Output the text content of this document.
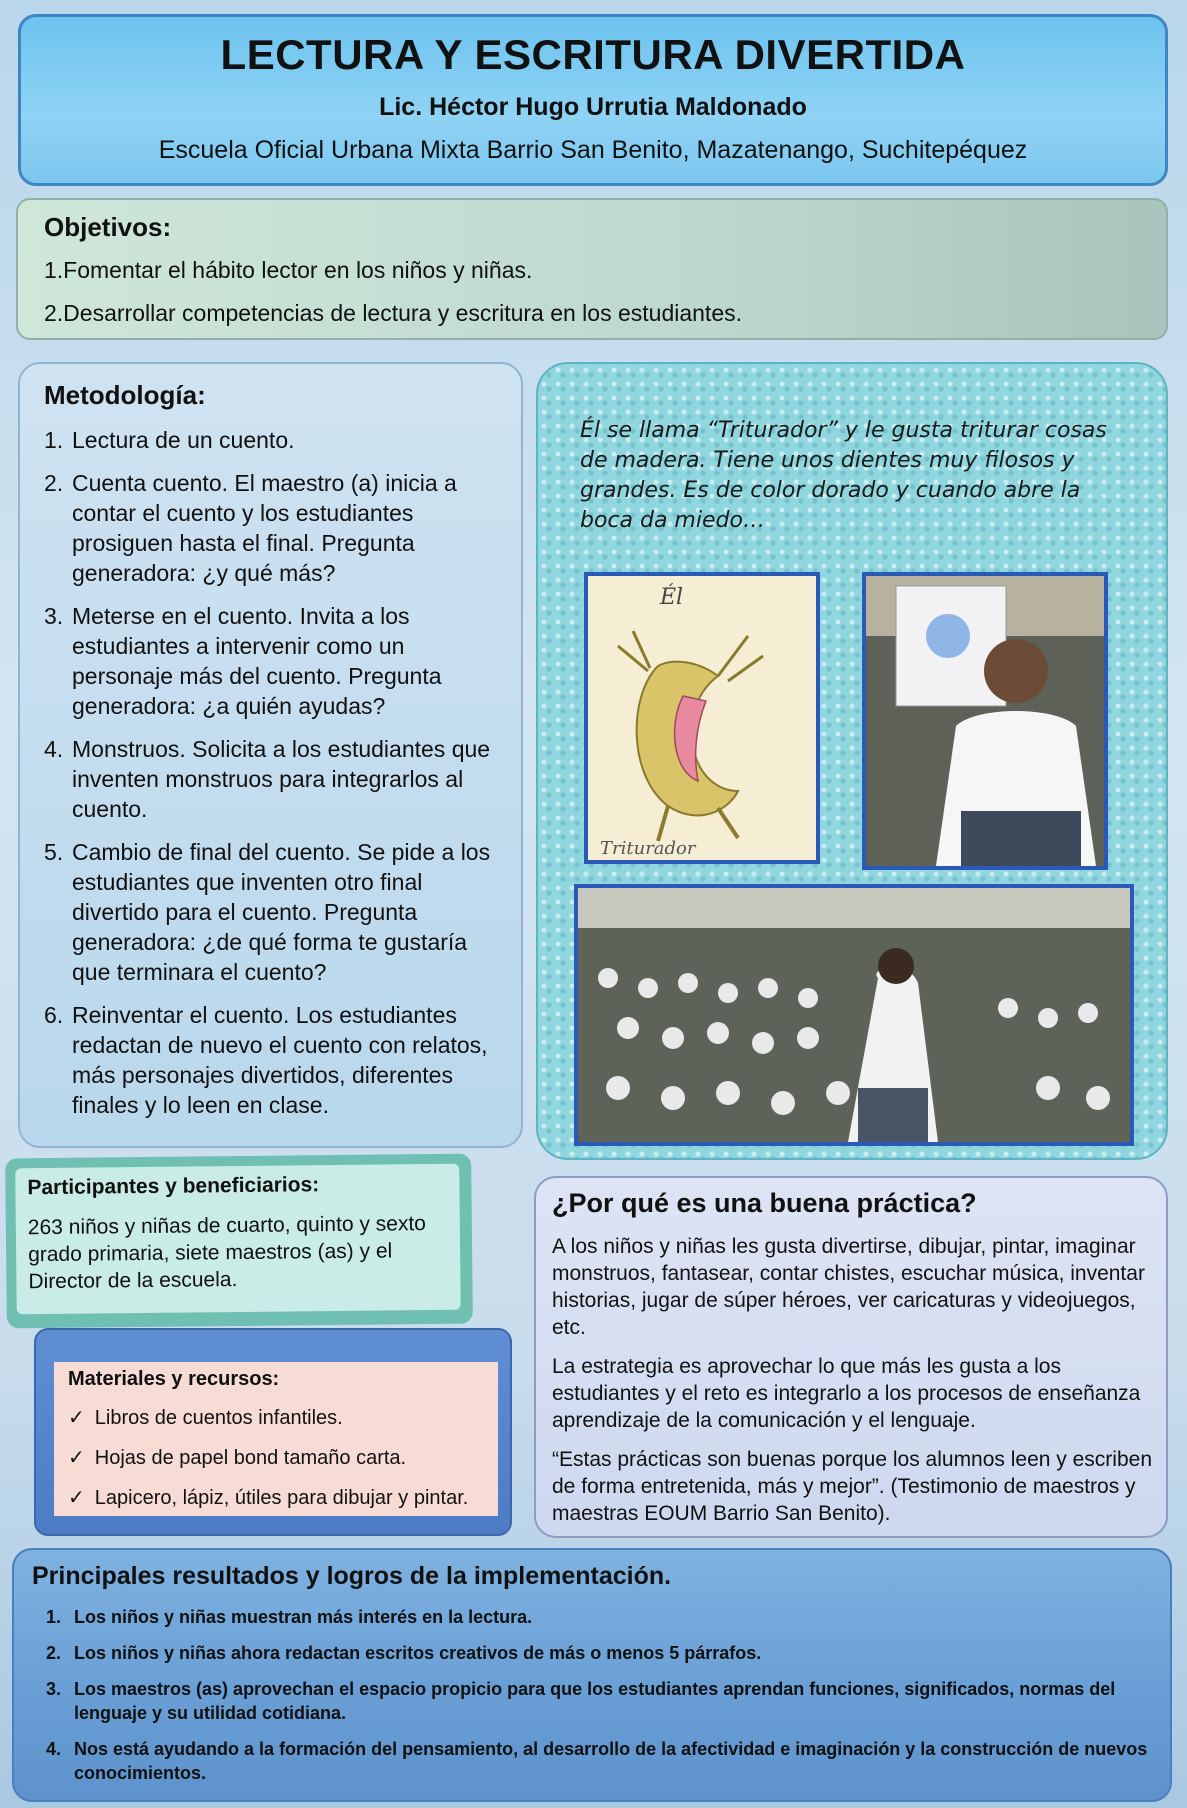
LECTURA Y ESCRITURA DIVERTIDA
Lic. Héctor Hugo Urrutia Maldonado
Escuela Oficial Urbana Mixta Barrio San Benito, Mazatenango, Suchitepéquez
Objetivos:

1.Fomentar el hábito lector en los niños y niñas.

2.Desarrollar competencias de lectura y escritura en los estudiantes.

Metodología:
1. Lectura de un cuento.
2. Cuenta cuento. El maestro (a) inicia a contar el cuento y los estudiantes prosiguen hasta el final. Pregunta generadora: ¿y qué más?
3. Meterse en el cuento. Invita a los estudiantes a intervenir como un personaje más del cuento. Pregunta generadora: ¿a quién ayudas?
4. Monstruos. Solicita a los estudiantes que inventen monstruos para integrarlos al cuento.
5. Cambio de final del cuento. Se pide a los estudiantes que inventen otro final divertido para el cuento. Pregunta generadora: ¿de qué forma te gustaría que terminara el cuento?
6. Reinventar el cuento. Los estudiantes redactan de nuevo el cuento con relatos, más personajes divertidos, diferentes finales y lo leen en clase.
Él se llama “Triturador” y le gusta triturar cosas de madera. Tiene unos dientes muy filosos y grandes. Es de color dorado y cuando abre la boca da miedo…
Él
Triturador
Participantes y beneficiarios:

263 niños y niñas de cuarto, quinto y sexto grado primaria, siete maestros (as) y el Director de la escuela.

Materiales y recursos:
✓ Libros de cuentos infantiles.
✓ Hojas de papel bond tamaño carta.
✓ Lapicero, lápiz, útiles para dibujar y pintar.
¿Por qué es una buena práctica?

A los niños y niñas les gusta divertirse, dibujar, pintar, imaginar monstruos, fantasear, contar chistes, escuchar música, inventar historias, jugar de súper héroes, ver caricaturas y videojuegos, etc.

La estrategia es aprovechar lo que más les gusta a los estudiantes y el reto es integrarlo a los procesos de enseñanza aprendizaje de la comunicación y el lenguaje.

“Estas prácticas son buenas porque los alumnos leen y escriben de forma entretenida, más y mejor”. (Testimonio de maestros y maestras EOUM Barrio San Benito).

Principales resultados y logros de la implementación.
1. Los niños y niñas muestran más interés en la lectura.
2. Los niños y niñas ahora redactan escritos creativos de más o menos 5 párrafos.
3. Los maestros (as) aprovechan el espacio propicio para que los estudiantes aprendan funciones, significados, normas del lenguaje y su utilidad cotidiana.
4. Nos está ayudando a la formación del pensamiento, al desarrollo de la afectividad e imaginación y la construcción de nuevos conocimientos.
